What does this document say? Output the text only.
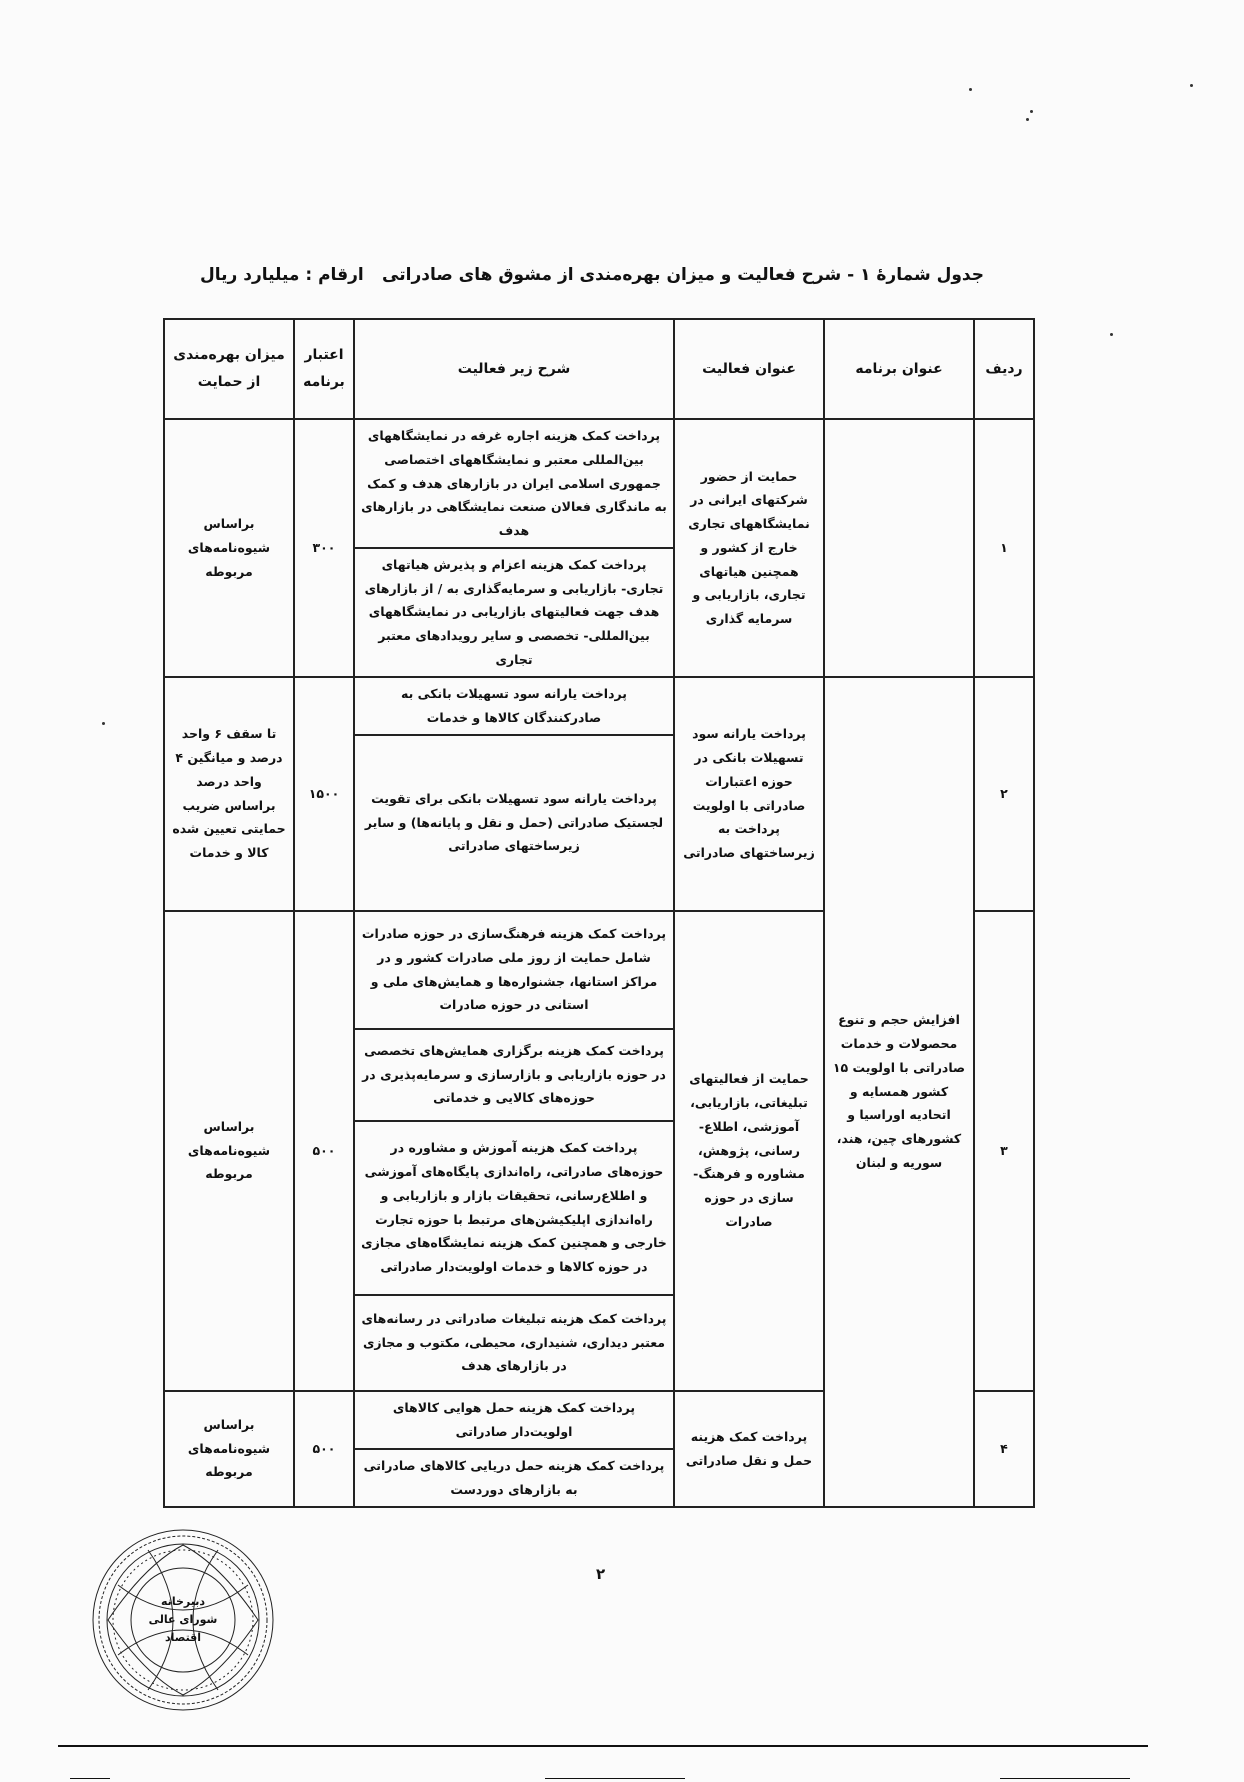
جدول شمارۀ ۱ - شرح فعالیت و میزان بهره‌مندی از مشوق های صادراتی
ارقام : میلیارد ریال
ردیف	عنوان برنامه	عنوان فعالیت	شرح زیر فعالیت	اعتبار برنامه	میزان بهره‌مندی از حمایت
۱		حمایت از حضور شرکتهای ایرانی در نمایشگاههای تجاری خارج از کشور و همچنین هیاتهای تجاری، بازاریابی و سرمایه گذاری	پرداخت کمک هزینه اجاره غرفه در نمایشگاههای بین‌المللی معتبر و نمایشگاههای اختصاصی جمهوری اسلامی ایران در بازارهای هدف و کمک به ماندگاری فعالان صنعت نمایشگاهی در بازارهای هدف	۳۰۰	براساس شیوه‌نامه‌های مربوطه
			پرداخت کمک هزینه اعزام و پذیرش هیاتهای تجاری- بازاریابی و سرمایه‌گذاری به / از بازارهای هدف جهت فعالیتهای بازاریابی در نمایشگاههای بین‌المللی- تخصصی و سایر رویدادهای معتبر تجاری		
۲	افزایش حجم و تنوع محصولات و خدمات صادراتی با اولویت ۱۵ کشور همسایه و اتحادیه اوراسیا و کشورهای چین، هند، سوریه و لبنان	پرداخت یارانه سود تسهیلات بانکی در حوزه اعتبارات صادراتی با اولویت پرداخت به زیرساختهای صادراتی	پرداخت یارانه سود تسهیلات بانکی به صادرکنندگان کالاها و خدمات	۱۵۰۰	تا سقف ۶ واحد درصد و میانگین ۴ واحد درصد براساس ضریب حمایتی تعیین شده کالا و خدمات
			پرداخت یارانه سود تسهیلات بانکی برای تقویت لجستیک صادراتی (حمل و نقل و پایانه‌ها) و سایر زیرساختهای صادراتی		
۳		حمایت از فعالیتهای تبلیغاتی، بازاریابی، آموزشی، اطلاع- رسانی، پژوهش، مشاوره و فرهنگ- سازی در حوزه صادرات	پرداخت کمک هزینه فرهنگ‌سازی در حوزه صادرات شامل حمایت از روز ملی صادرات کشور و در مراکز استانها، جشنواره‌ها و همایش‌های ملی و استانی در حوزه صادرات	۵۰۰	براساس شیوه‌نامه‌های مربوطه
			پرداخت کمک هزینه برگزاری همایش‌های تخصصی در حوزه بازاریابی و بازارسازی و سرمایه‌پذیری در حوزه‌های کالایی و خدماتی		
			پرداخت کمک هزینه آموزش و مشاوره در حوزه‌های صادراتی، راه‌اندازی پایگاه‌های آموزشی و اطلاع‌رسانی، تحقیقات بازار و بازاریابی و راه‌اندازی اپلیکیشن‌های مرتبط با حوزه تجارت خارجی و همچنین کمک هزینه نمایشگاه‌های مجازی در حوزه کالاها و خدمات اولویت‌دار صادراتی		
			پرداخت کمک هزینه تبلیغات صادراتی در رسانه‌های معتبر دیداری، شنیداری، محیطی، مکتوب و مجازی در بازارهای هدف		
۴		پرداخت کمک هزینه حمل و نقل صادراتی	پرداخت کمک هزینه حمل هوایی کالاهای اولویت‌دار صادراتی	۵۰۰	براساس شیوه‌نامه‌های مربوطه
			پرداخت کمک هزینه حمل دریایی کالاهای صادراتی به بازارهای دوردست		
۲
دبیرخانه
شورای عالی
اقتصاد
